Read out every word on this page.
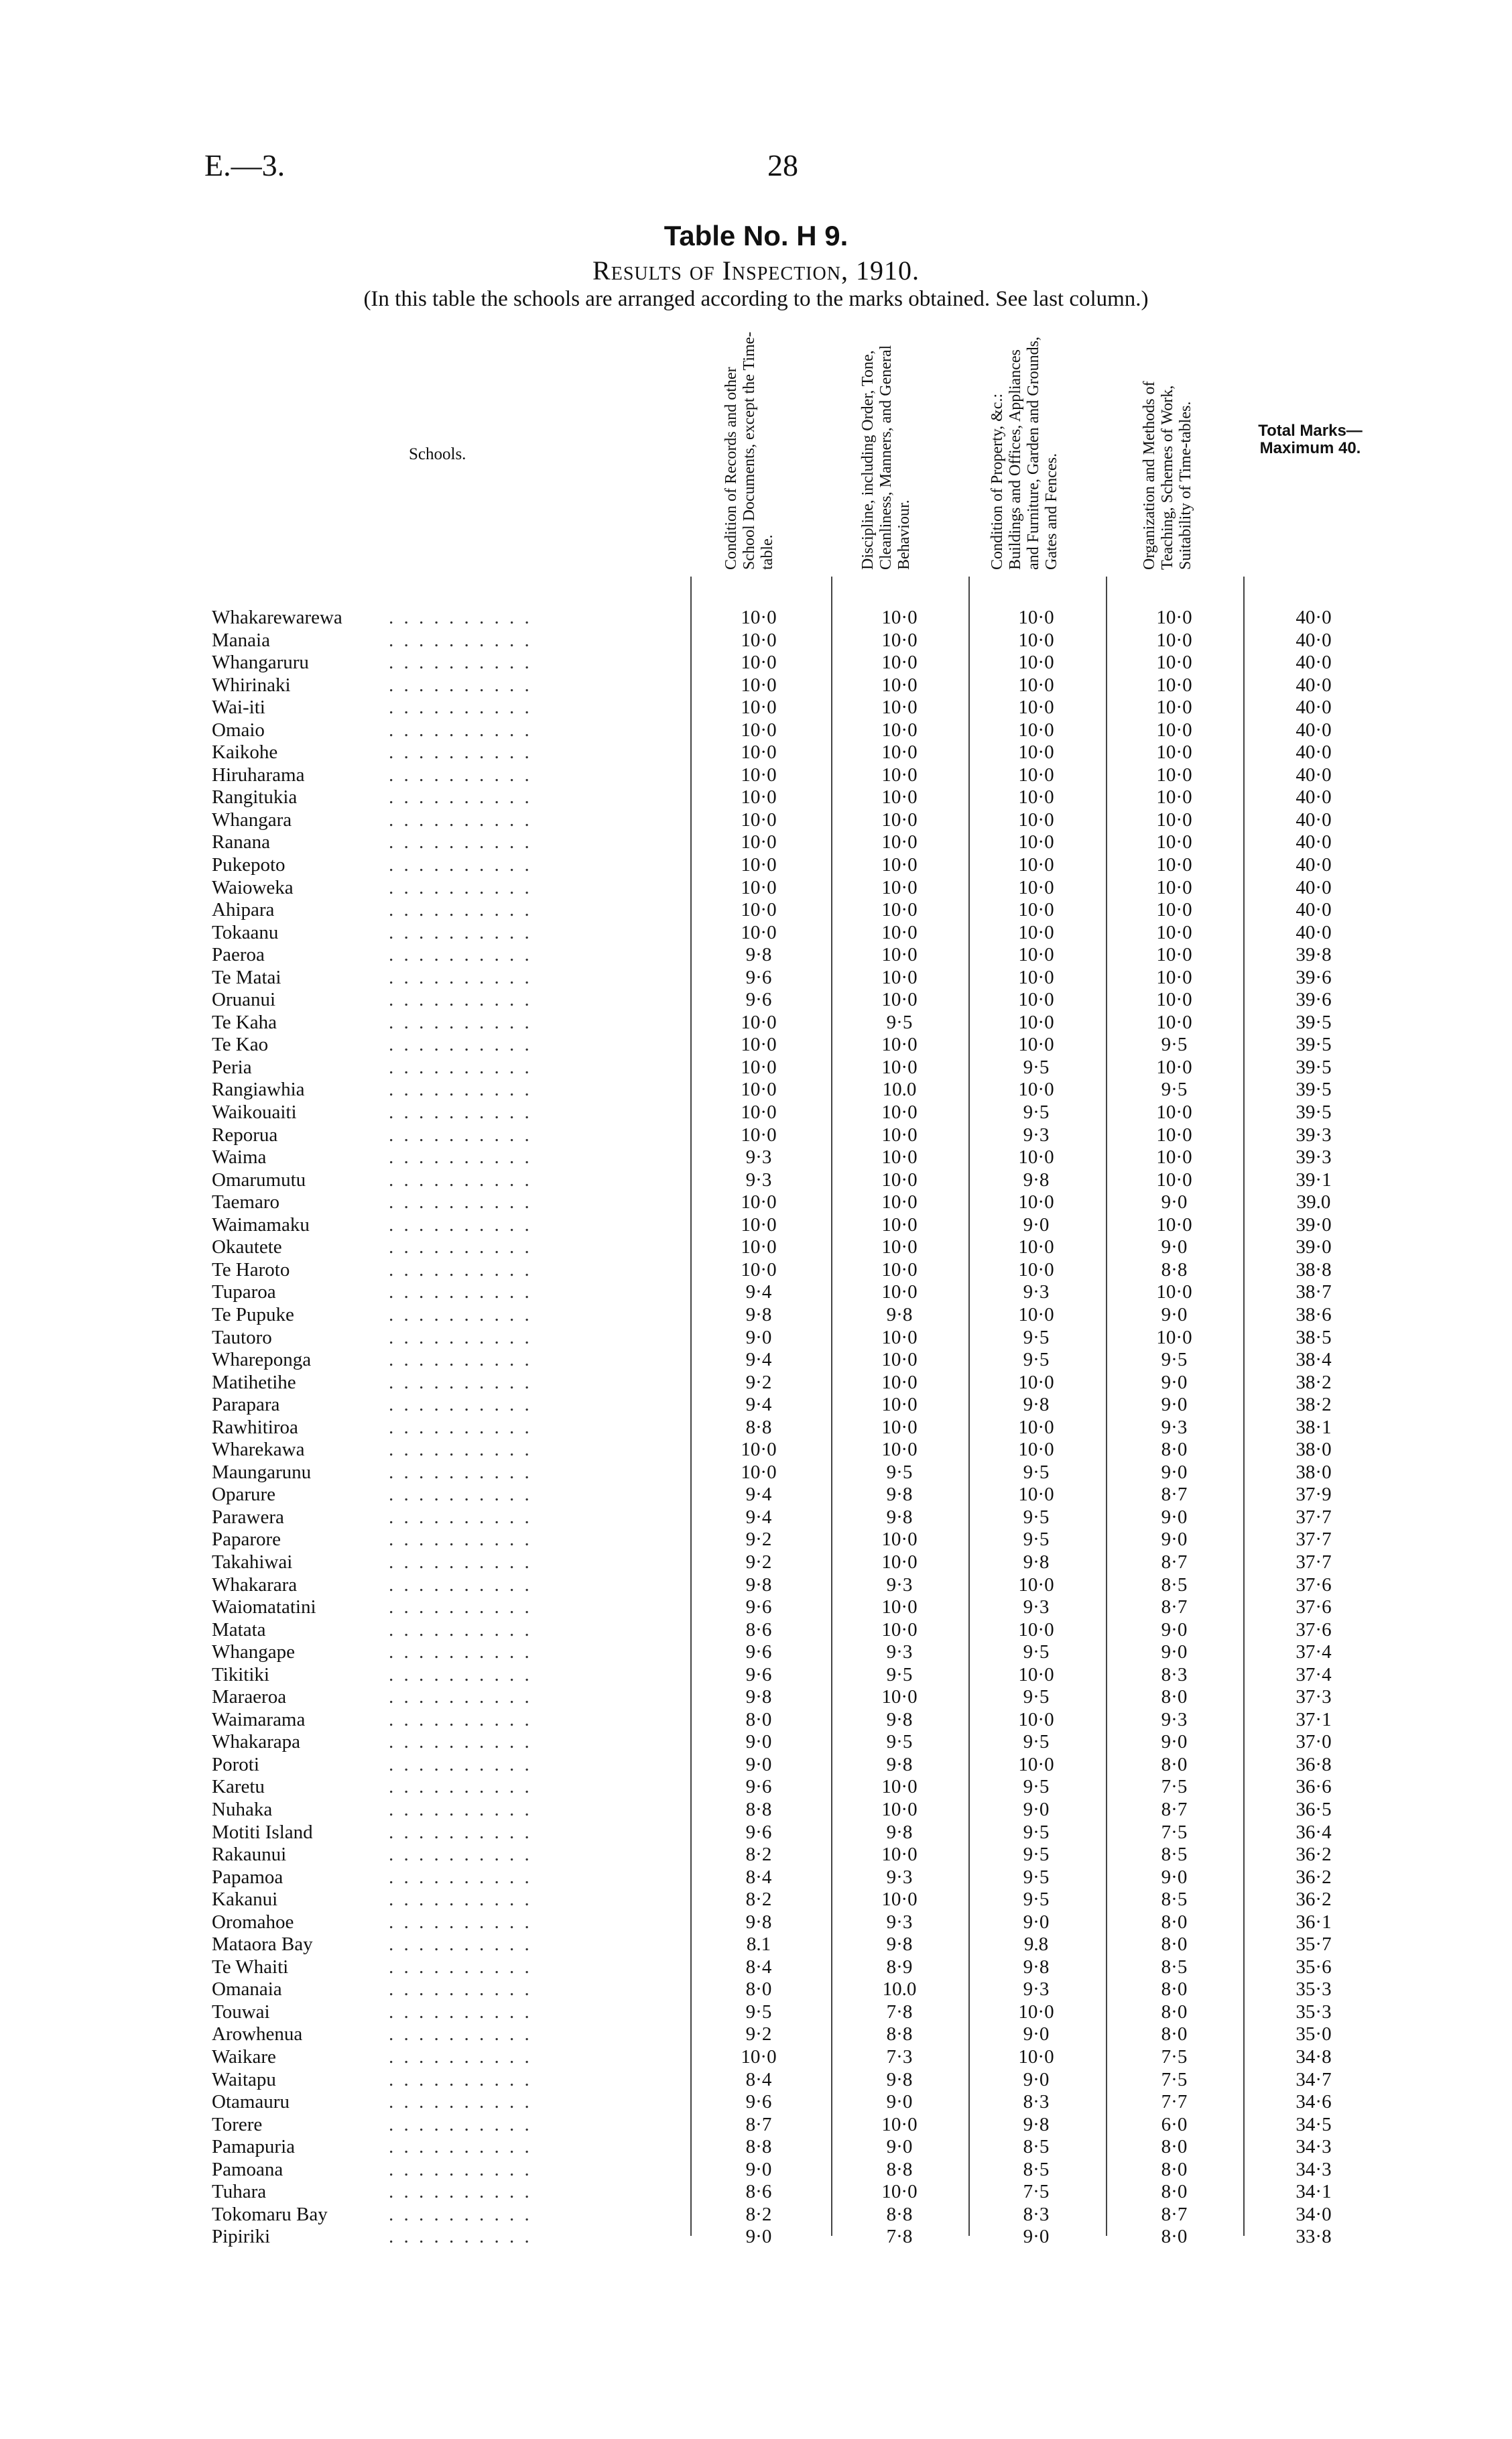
E.—3.	28
Table No. H 9.
Results of Inspection, 1910.
(In this table the schools are arranged according to the marks obtained. See last column.)
Schools.	Condition of Records and other School Documents, except the Time-table.	Discipline, including Order, Tone, Cleanliness, Manners, and General Behaviour.	Condition of Property, &c.: Buildings and Offices, Appliances and Furniture, Garden and Grounds, Gates and Fences.	Organization and Methods of Teaching, Schemes of Work, Suitability of Time-tables.	Total Marks— Maximum 40.
Whakarewarewa . . . . . . . . . .	10·0	10·0	10·0	10·0	40·0
Manaia	. . . . . . . . . .	10·0	10·0	10·0	10·0	40·0
Whangaruru	. . . . . . . . . .	10·0	10·0	10·0	10·0	40·0
Whirinaki	. . . . . . . . . .	10·0	10·0	10·0	10·0	40·0
Wai-iti	. . . . . . . . . .	10·0	10·0	10·0	10·0	40·0
Omaio	. . . . . . . . . .	10·0	10·0	10·0	10·0	40·0
Kaikohe	. . . . . . . . . .	10·0	10·0	10·0	10·0	40·0
Hiruharama	. . . . . . . . . .	10·0	10·0	10·0	10·0	40·0
Rangitukia	. . . . . . . . . .	10·0	10·0	10·0	10·0	40·0
Whangara	. . . . . . . . . .	10·0	10·0	10·0	10·0	40·0
Ranana	. . . . . . . . . .	10·0	10·0	10·0	10·0	40·0
Pukepoto	. . . . . . . . . .	10·0	10·0	10·0	10·0	40·0
Waioweka	. . . . . . . . . .	10·0	10·0	10·0	10·0	40·0
Ahipara	. . . . . . . . . .	10·0	10·0	10·0	10·0	40·0
Tokaanu	. . . . . . . . . .	10·0	10·0	10·0	10·0	40·0
Paeroa	. . . . . . . . . .	9·8	10·0	10·0	10·0	39·8
Te Matai	. . . . . . . . . .	9·6	10·0	10·0	10·0	39·6
Oruanui	. . . . . . . . . .	9·6	10·0	10·0	10·0	39·6
Te Kaha	. . . . . . . . . .	10·0	9·5	10·0	10·0	39·5
Te Kao	. . . . . . . . . .	10·0	10·0	10·0	9·5	39·5
Peria	. . . . . . . . . .	10·0	10·0	9·5	10·0	39·5
Rangiawhia	. . . . . . . . . .	10·0	10.0	10·0	9·5	39·5
Waikouaiti	. . . . . . . . . .	10·0	10·0	9·5	10·0	39·5
Reporua	. . . . . . . . . .	10·0	10·0	9·3	10·0	39·3
Waima	. . . . . . . . . .	9·3	10·0	10·0	10·0	39·3
Omarumutu	. . . . . . . . . .	9·3	10·0	9·8	10·0	39·1
Taemaro	. . . . . . . . . .	10·0	10·0	10·0	9·0	39.0
Waimamaku	. . . . . . . . . .	10·0	10·0	9·0	10·0	39·0
Okautete	. . . . . . . . . .	10·0	10·0	10·0	9·0	39·0
Te Haroto	. . . . . . . . . .	10·0	10·0	10·0	8·8	38·8
Tuparoa	. . . . . . . . . .	9·4	10·0	9·3	10·0	38·7
Te Pupuke	. . . . . . . . . .	9·8	9·8	10·0	9·0	38·6
Tautoro	. . . . . . . . . .	9·0	10·0	9·5	10·0	38·5
Whareponga	. . . . . . . . . .	9·4	10·0	9·5	9·5	38·4
Matihetihe	. . . . . . . . . .	9·2	10·0	10·0	9·0	38·2
Parapara	. . . . . . . . . .	9·4	10·0	9·8	9·0	38·2
Rawhitiroa	. . . . . . . . . .	8·8	10·0	10·0	9·3	38·1
Wharekawa	. . . . . . . . . .	10·0	10·0	10·0	8·0	38·0
Maungarunu	. . . . . . . . . .	10·0	9·5	9·5	9·0	38·0
Oparure	. . . . . . . . . .	9·4	9·8	10·0	8·7	37·9
Parawera	. . . . . . . . . .	9·4	9·8	9·5	9·0	37·7
Paparore	. . . . . . . . . .	9·2	10·0	9·5	9·0	37·7
Takahiwai	. . . . . . . . . .	9·2	10·0	9·8	8·7	37·7
Whakarara	. . . . . . . . . .	9·8	9·3	10·0	8·5	37·6
Waiomatatini	. . . . . . . . . .	9·6	10·0	9·3	8·7	37·6
Matata	. . . . . . . . . .	8·6	10·0	10·0	9·0	37·6
Whangape	. . . . . . . . . .	9·6	9·3	9·5	9·0	37·4
Tikitiki	. . . . . . . . . .	9·6	9·5	10·0	8·3	37·4
Maraeroa	. . . . . . . . . .	9·8	10·0	9·5	8·0	37·3
Waimarama	. . . . . . . . . .	8·0	9·8	10·0	9·3	37·1
Whakarapa	. . . . . . . . . .	9·0	9·5	9·5	9·0	37·0
Poroti	. . . . . . . . . .	9·0	9·8	10·0	8·0	36·8
Karetu	. . . . . . . . . .	9·6	10·0	9·5	7·5	36·6
Nuhaka	. . . . . . . . . .	8·8	10·0	9·0	8·7	36·5
Motiti Island	. . . . . . . . . .	9·6	9·8	9·5	7·5	36·4
Rakaunui	. . . . . . . . . .	8·2	10·0	9·5	8·5	36·2
Papamoa	. . . . . . . . . .	8·4	9·3	9·5	9·0	36·2
Kakanui	. . . . . . . . . .	8·2	10·0	9·5	8·5	36·2
Oromahoe	. . . . . . . . . .	9·8	9·3	9·0	8·0	36·1
Mataora Bay	. . . . . . . . . .	8.1	9·8	9.8	8·0	35·7
Te Whaiti	. . . . . . . . . .	8·4	8·9	9·8	8·5	35·6
Omanaia	. . . . . . . . . .	8·0	10.0	9·3	8·0	35·3
Touwai	. . . . . . . . . .	9·5	7·8	10·0	8·0	35·3
Arowhenua	. . . . . . . . . .	9·2	8·8	9·0	8·0	35·0
Waikare	. . . . . . . . . .	10·0	7·3	10·0	7·5	34·8
Waitapu	. . . . . . . . . .	8·4	9·8	9·0	7·5	34·7
Otamauru	. . . . . . . . . .	9·6	9·0	8·3	7·7	34·6
Torere	. . . . . . . . . .	8·7	10·0	9·8	6·0	34·5
Pamapuria	. . . . . . . . . .	8·8	9·0	8·5	8·0	34·3
Pamoana	. . . . . . . . . .	9·0	8·8	8·5	8·0	34·3
Tuhara	. . . . . . . . . .	8·6	10·0	7·5	8·0	34·1
Tokomaru Bay	. . . . . . . . . .	8·2	8·8	8·3	8·7	34·0
Pipiriki	. . . . . . . . . .	9·0	7·8	9·0	8·0	33·8
